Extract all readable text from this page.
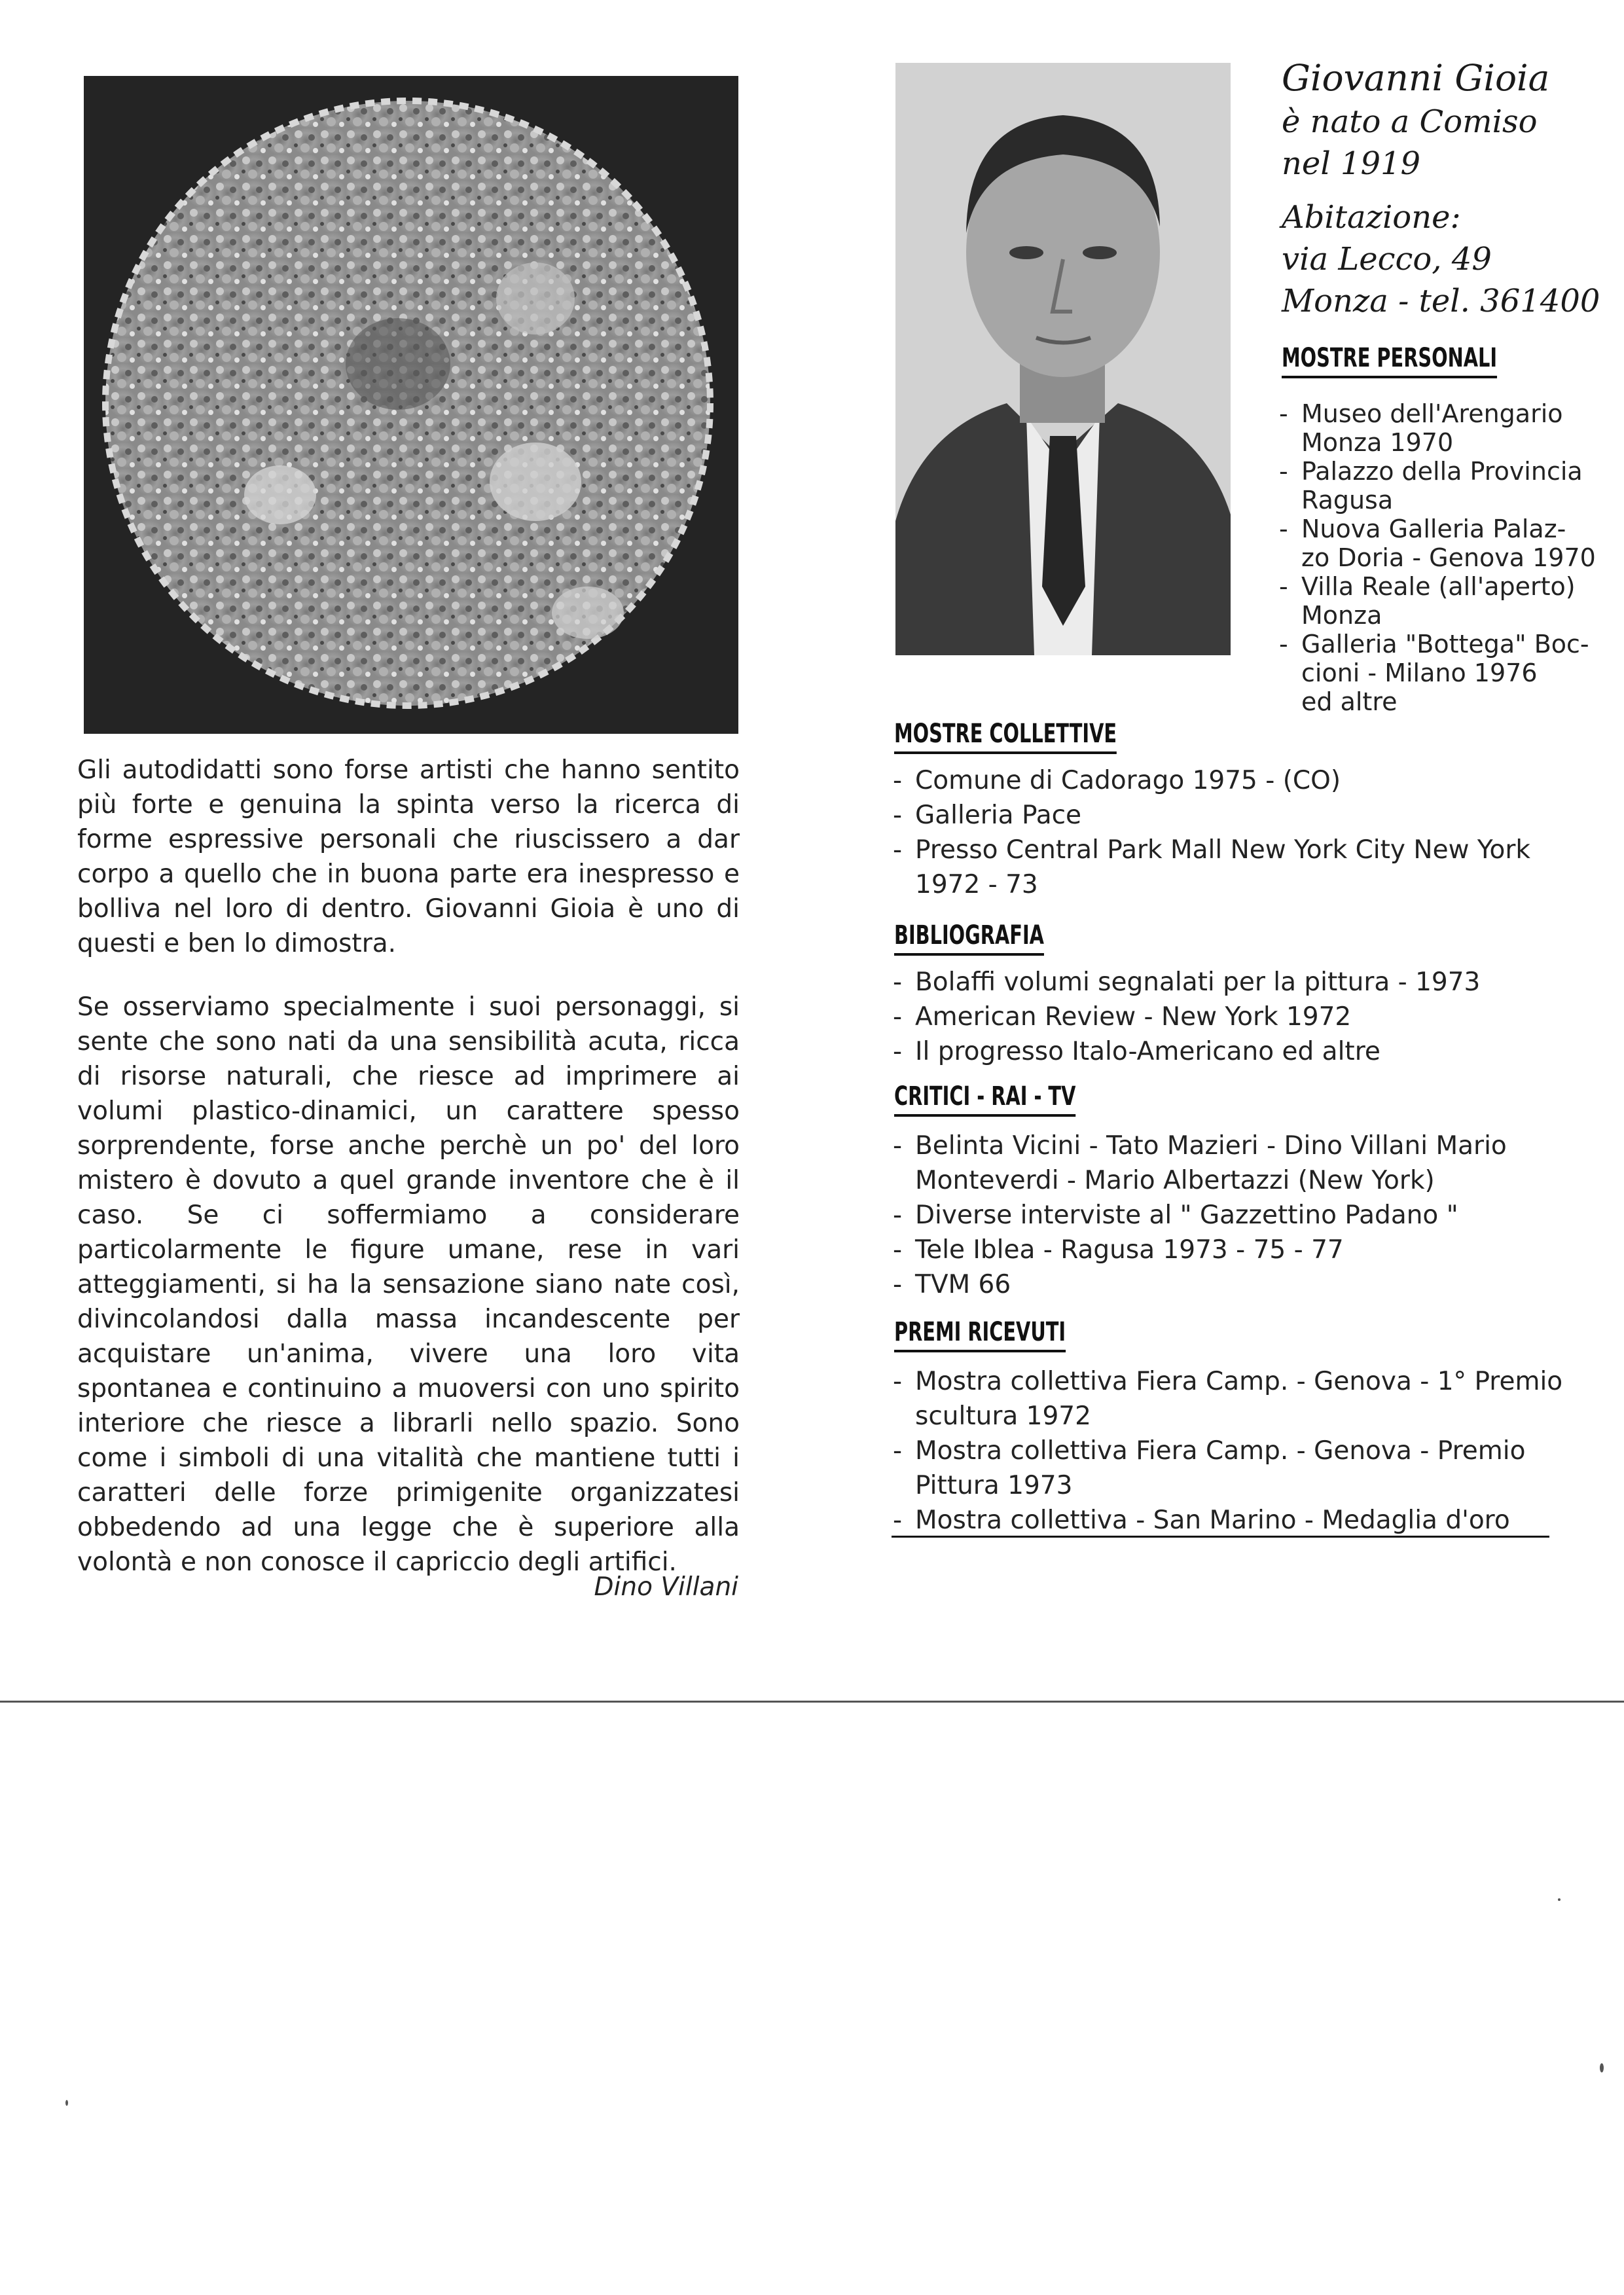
Gli autodidatti sono forse artisti che hanno sentito più forte e genuina la spinta verso la ricerca di forme espressive personali che riuscissero a dar corpo a quello che in buona parte era inespresso e bolliva nel loro di dentro. Giovanni Gioia è uno di questi e ben lo dimostra.

Se osserviamo specialmente i suoi personaggi, si sente che sono nati da una sensibilità acuta, ricca di risorse naturali, che riesce ad imprimere ai volumi plastico-dinamici, un carattere spesso sorprendente, forse anche perchè un po' del loro mistero è dovuto a quel grande inventore che è il caso. Se ci soffermiamo a considerare particolarmente le figure umane, rese in vari atteggiamenti, si ha la sensazione siano nate così, divincolandosi dalla massa incandescente per acquistare un'anima, vivere una loro vita spontanea e continuino a muoversi con uno spirito interiore che riesce a librarli nello spazio. Sono come i simboli di una vitalità che mantiene tutti i caratteri delle forze primigenite organizzatesi obbedendo ad una legge che è superiore alla volontà e non conosce il capriccio degli artifici.

Dino Villani
Giovanni Gioia
è nato a Comiso
nel 1919
Abitazione:
via Lecco, 49
Monza - tel. 361400
MOSTRE PERSONALI
- Museo dell'Arengario
Monza 1970
- Palazzo della Provincia
Ragusa
- Nuova Galleria Palaz-
zo Doria - Genova 1970
- Villa Reale (all'aperto)
Monza
- Galleria "Bottega" Boc-
cioni - Milano 1976
ed altre
MOSTRE COLLETTIVE
- Comune di Cadorago 1975 - (CO)
- Galleria Pace
- Presso Central Park Mall New York City New York
1972 - 73
BIBLIOGRAFIA
- Bolaffi volumi segnalati per la pittura - 1973
- American Review - New York 1972
- Il progresso Italo-Americano ed altre
CRITICI - RAI - TV
- Belinta Vicini - Tato Mazieri - Dino Villani Mario
Monteverdi - Mario Albertazzi (New York)
- Diverse interviste al " Gazzettino Padano "
- Tele Iblea - Ragusa 1973 - 75 - 77
- TVM 66
PREMI RICEVUTI
- Mostra collettiva Fiera Camp. - Genova - 1° Premio
scultura 1972
- Mostra collettiva Fiera Camp. - Genova - Premio
Pittura 1973
- Mostra collettiva - San Marino - Medaglia d'oro
